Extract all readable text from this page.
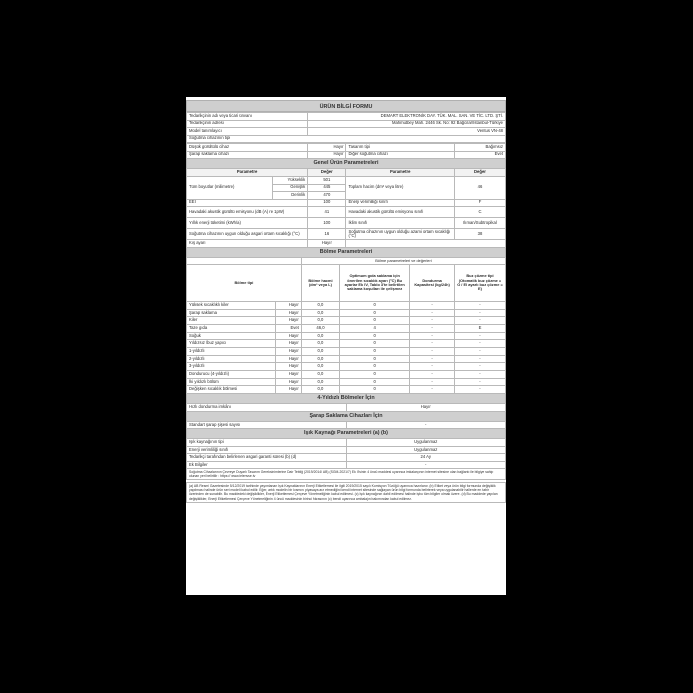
ÜRÜN BİLGİ FORMU
Tedarikçinin adı veya ticari ünvanı	DEMART ELEKTRONİK DAY. TÜK. MAL. SAN. VE TİC. LTD. ŞTİ.
Tedarikçinin adresi	Mahmutbey Mah. 2446 Sk. No: 92 Bağcılar/İstanbul-Türkiye
Model tanımlayıcı	Ventus VN-48
Soğutma cihazının tipi	
Düşük gürültülü cihaz	Hayır	Tasarım tipi	Bağımsız
Şarap saklama cihazı	Hayır	Diğer soğutma cihazı	Evet
Genel Ürün Parametreleri
Parametre		Değer	Parametre	Değer
Tüm boyutlar (milimetre)	Yükseklik	501	Toplam hacim (dm³ veya litre)	46
	Genişlik	445		
	Derinlik	470		
EEI		100	Enerji verimliliği sınıfı	F
Havadaki akustik gürültü emisyonu (dB (A) re 1pW)		41	Havadaki akustik gürültü emisyonu sınıfı	C
Yıllık enerji tüketimi (kWh/a)		100	İklim sınıfı	Ilıman/Subtropikal
Soğutma cihazının uygun olduğu asgari ortam sıcaklığı (°C)		16	Soğutma cihazının uygun olduğu azami ortam sıcaklığı (°C)	38
Kış ayarı		Hayır		
Bölme Parametreleri
		Bölme parametreleri ve değerleri			
Bölme tipi		Bölme hacmi (dm³ veya L)	Optimum gıda saklama için önerilen sıcaklık ayarı (°C) Bu ayarlar Ek IV, Tablo 3'te belirtilen saklama koşulları ile çelişmez	Dondurma Kapasitesi (kg/24h)	Buz çözme tipi (Otomatik buz çözme = O / El ayarlı buz çözme = E)
Yüksek sıcaklıklı kiler	Hayır	0,0	0	-	-
Şarap saklama	Hayır	0,0	0	-	-
Kiler	Hayır	0,0	0	-	-
Taze gıda	Evet	46,0	4	-	E
Soğuk	Hayır	0,0	0	-	-
Yıldızsız /buz yapıcı	Hayır	0,0	0	-	-
1-yıldızlı	Hayır	0,0	0	-	-
2-yıldızlı	Hayır	0,0	0	-	-
3-yıldızlı	Hayır	0,0	0	-	-
Dondurucu (4-yıldızlı)	Hayır	0,0	0	-	-
İki yıldızlı bölüm	Hayır	0,0	0	-	-
Değişken sıcaklık bölmesi	Hayır	0,0	0	-	-
4-Yıldızlı Bölmeler İçin
Hızlı dondurma imkânı	Hayır
Şarap Saklama Cihazları İçin
Standart şarap şişesi sayısı	-
Işık Kaynağı Parametreleri (a) (b)
Işık kaynağının tipi	Uygulanmaz
Enerji verimliliği sınıfı	Uygulanmaz
Tedarikçi tarafından belirlenen asgari garanti süresi (b) (d)	24 Ay
Ek Bilgiler	-
Soğutma Cihazlarının Çevreye Duyarlı Tasarım Gereksinimlerine Dair Tebliğ (2019/2014/ AB) (SGM-2021/7) Ek II'sinin 4 üncü maddesi uyarınca imkalarçının internet sitesine olan bağlantı ile bilgiye sahip olunan yeri belirtilir : https:// www.ielenvse.tv
(a) AB Resmi Gazetesinde 5/12/2019 tarihinde yayımlanan Işık Kaynaklarının Enerji Etiketlemesi ile ilgili 2019/2015 sayılı Komisyon Tüzüğü uyarınca hazırlanır. (b) Etiket veya ürün bilgi formunda değişiklik yapılması halinde ürün seri modeli kabul edilir. Eğer, artık modelin bir kısmını piyasaya arz etmediğini kendi internet sitesinde sağlayan ürün bilgi formunda belirterek veya uygulanabilir hallerde en tabir üzerinden de sunabilir. Bu maddedeki değişiklikler, Enerji Etiketlemesi Çerçeve Yönetmeliğinin kabul edilmesi. (c) Işık kaynağının dahil edilmesi halinde işbu tüm bilgiler olmak üzere. (d) Bu maddede yapılan değişiklikler, Enerji Etiketlemesi Çerçeve Yönetmeliğinin 4 üncü maddesinin birinci fıkrasının (c) bendi uyarınca ambalajın bakımından kabul edilmez.
